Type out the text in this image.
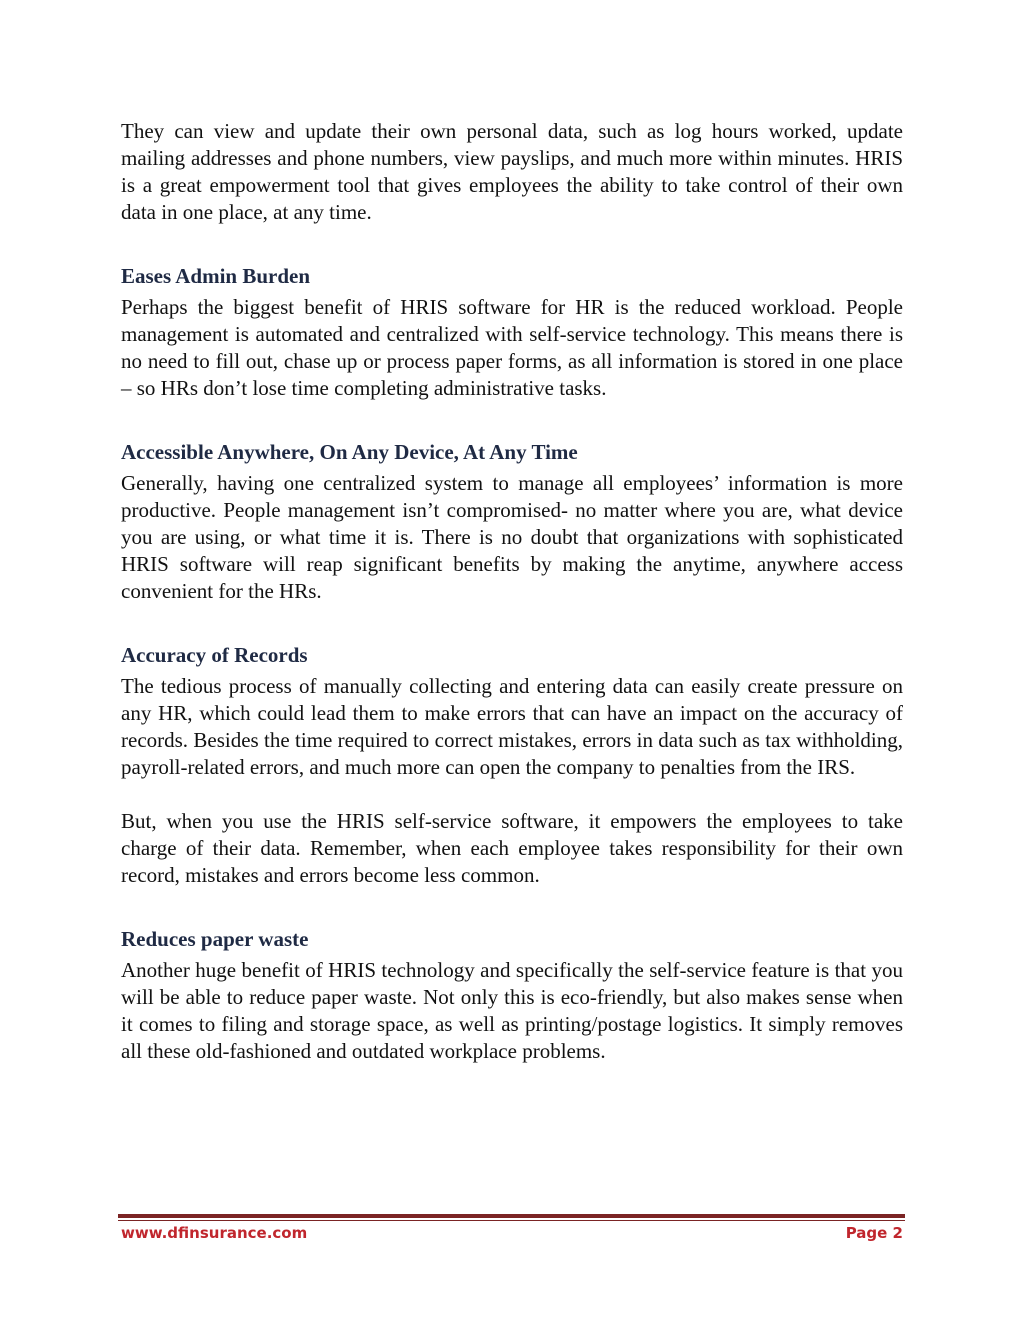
They can view and update their own personal data, such as log hours worked, update mailing addresses and phone numbers, view payslips, and much more within minutes. HRIS is a great empowerment tool that gives employees the ability to take control of their own data in one place, at any time.

Eases Admin Burden

Perhaps the biggest benefit of HRIS software for HR is the reduced workload. People management is automated and centralized with self-service technology. This means there is no need to fill out, chase up or process paper forms, as all information is stored in one place – so HRs don’t lose time completing administrative tasks.

Accessible Anywhere, On Any Device, At Any Time

Generally, having one centralized system to manage all employees’ information is more productive. People management isn’t compromised- no matter where you are, what device you are using, or what time it is. There is no doubt that organizations with sophisticated HRIS software will reap significant benefits by making the anytime, anywhere access convenient for the HRs.

Accuracy of Records

The tedious process of manually collecting and entering data can easily create pressure on any HR, which could lead them to make errors that can have an impact on the accuracy of records. Besides the time required to correct mistakes, errors in data such as tax withholding, payroll-related errors, and much more can open the company to penalties from the IRS.

But, when you use the HRIS self-service software, it empowers the employees to take charge of their data. Remember, when each employee takes responsibility for their own record, mistakes and errors become less common.

Reduces paper waste

Another huge benefit of HRIS technology and specifically the self-service feature is that you will be able to reduce paper waste. Not only this is eco-friendly, but also makes sense when it comes to filing and storage space, as well as printing/postage logistics. It simply removes all these old-fashioned and outdated workplace problems.

www.dfinsurance.com	Page 2
